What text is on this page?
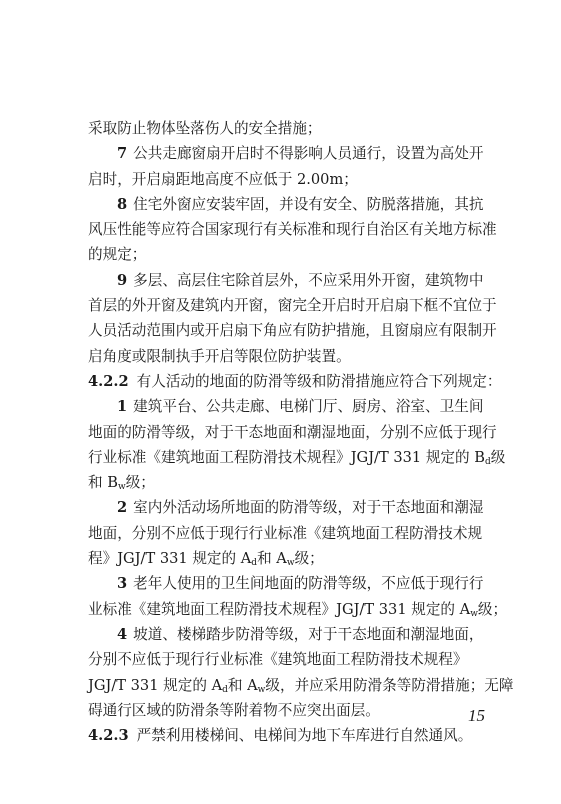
采取防止物体坠落伤人的安全措施；
7 公共走廊窗扇开启时不得影响人员通行，设置为高处开
启时，开启扇距地高度不应低于 2.00m；
8 住宅外窗应安装牢固，并设有安全、防脱落措施，其抗
风压性能等应符合国家现行有关标准和现行自治区有关地方标准
的规定；
9 多层、高层住宅除首层外，不应采用外开窗，建筑物中
首层的外开窗及建筑内开窗，窗完全开启时开启扇下框不宜位于
人员活动范围内或开启扇下角应有防护措施，且窗扇应有限制开
启角度或限制执手开启等限位防护装置。
4.2.2 有人活动的地面的防滑等级和防滑措施应符合下列规定：
1 建筑平台、公共走廊、电梯门厅、厨房、浴室、卫生间
地面的防滑等级，对于干态地面和潮湿地面，分别不应低于现行
行业标准《建筑地面工程防滑技术规程》JGJ/T 331 规定的 $B_d$级
和 $B_w$级；
2 室内外活动场所地面的防滑等级，对于干态地面和潮湿
地面，分别不应低于现行行业标准《建筑地面工程防滑技术规
程》JGJ/T 331 规定的 $A_d$和 $A_w$级；
3 老年人使用的卫生间地面的防滑等级，不应低于现行行
业标准《建筑地面工程防滑技术规程》JGJ/T 331 规定的 $A_w$级；
4 坡道、楼梯踏步防滑等级，对于干态地面和潮湿地面，
分别不应低于现行行业标准《建筑地面工程防滑技术规程》
JGJ/T 331 规定的 $A_d$和 $A_w$级，并应采用防滑条等防滑措施；无障
碍通行区域的防滑条等附着物不应突出面层。
4.2.3 严禁利用楼梯间、电梯间为地下车库进行自然通风。
15
